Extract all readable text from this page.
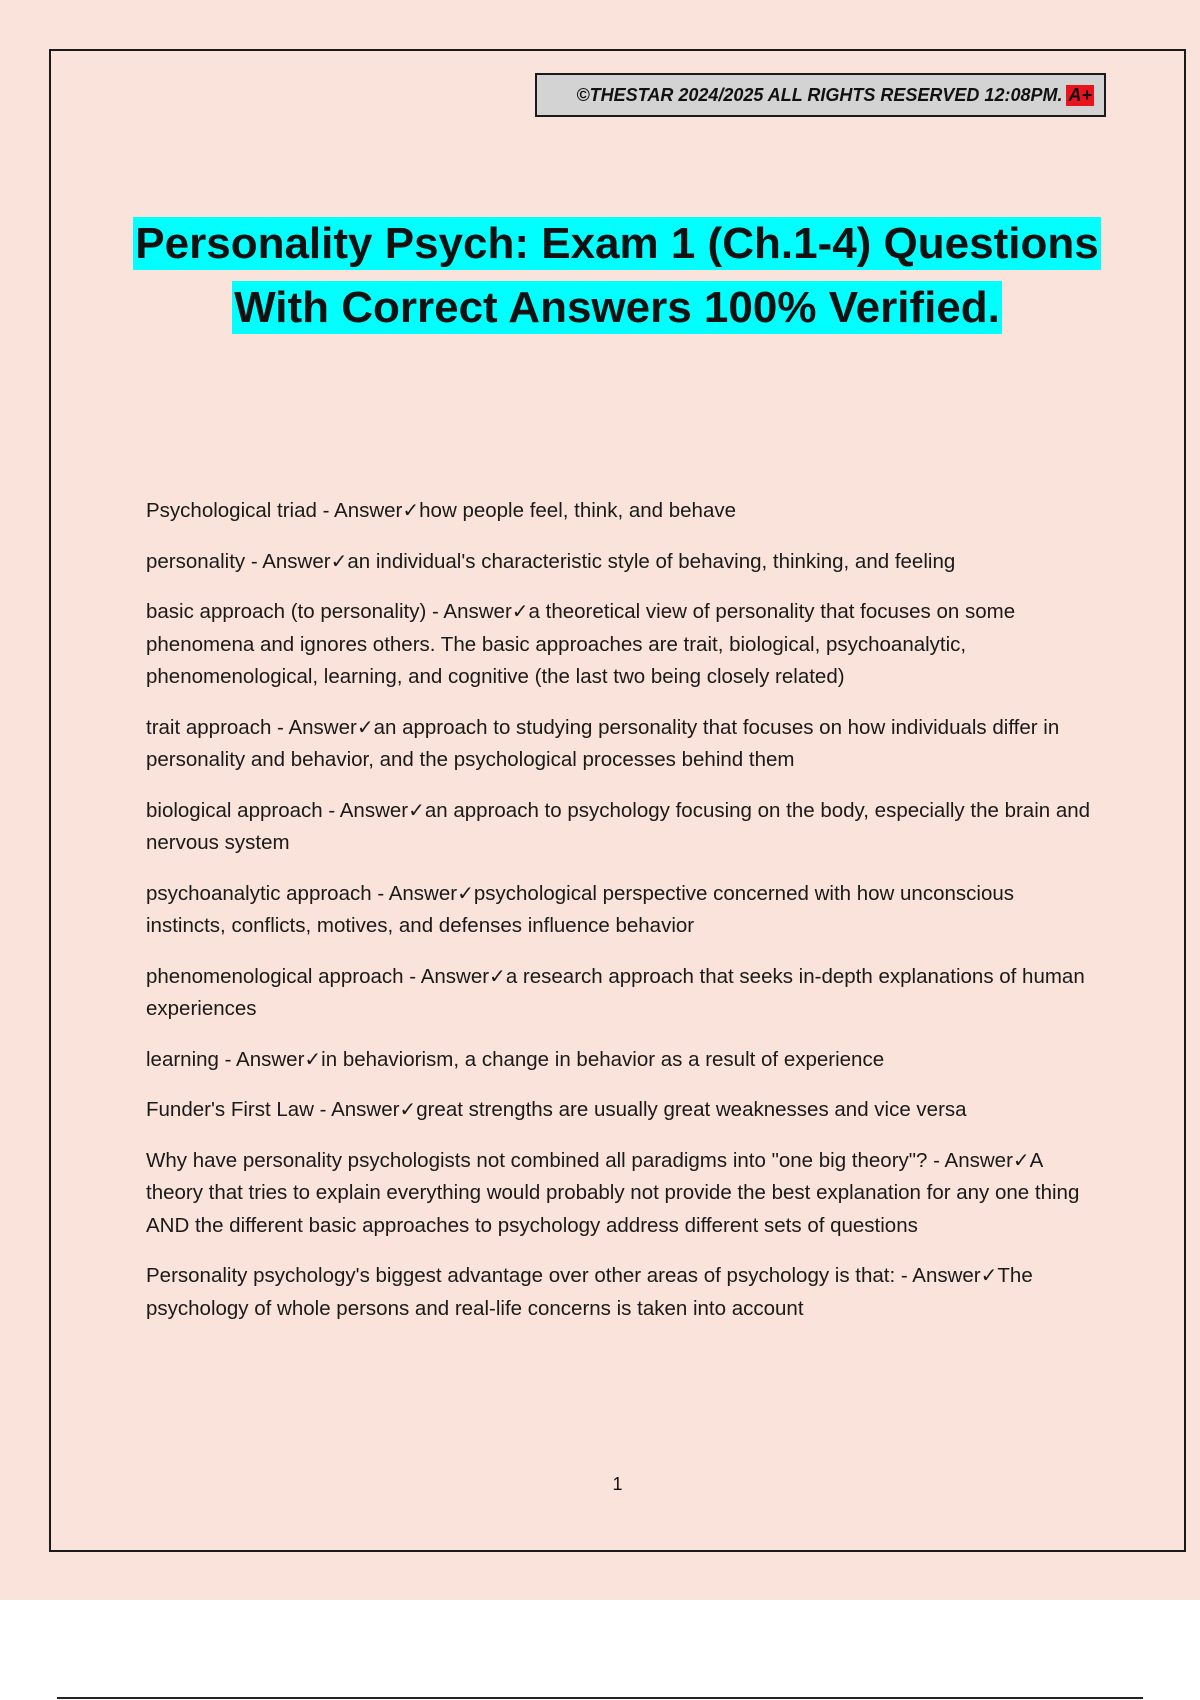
©THESTAR 2024/2025 ALL RIGHTS RESERVED 12:08PM. A+
Personality Psych: Exam 1 (Ch.1-4) Questions
With Correct Answers 100% Verified.

Psychological triad - Answer✓how people feel, think, and behave

personality - Answer✓an individual's characteristic style of behaving, thinking, and feeling

basic approach (to personality) - Answer✓a theoretical view of personality that focuses on some phenomena and ignores others. The basic approaches are trait, biological, psychoanalytic, phenomenological, learning, and cognitive (the last two being closely related)

trait approach - Answer✓an approach to studying personality that focuses on how individuals differ in personality and behavior, and the psychological processes behind them

biological approach - Answer✓an approach to psychology focusing on the body, especially the brain and nervous system

psychoanalytic approach - Answer✓psychological perspective concerned with how unconscious instincts, conflicts, motives, and defenses influence behavior

phenomenological approach - Answer✓a research approach that seeks in-depth explanations of human experiences

learning - Answer✓in behaviorism, a change in behavior as a result of experience

Funder's First Law - Answer✓great strengths are usually great weaknesses and vice versa

Why have personality psychologists not combined all paradigms into "one big theory"? - Answer✓A theory that tries to explain everything would probably not provide the best explanation for any one thing AND the different basic approaches to psychology address different sets of questions

Personality psychology's biggest advantage over other areas of psychology is that: - Answer✓The psychology of whole persons and real-life concerns is taken into account

1
